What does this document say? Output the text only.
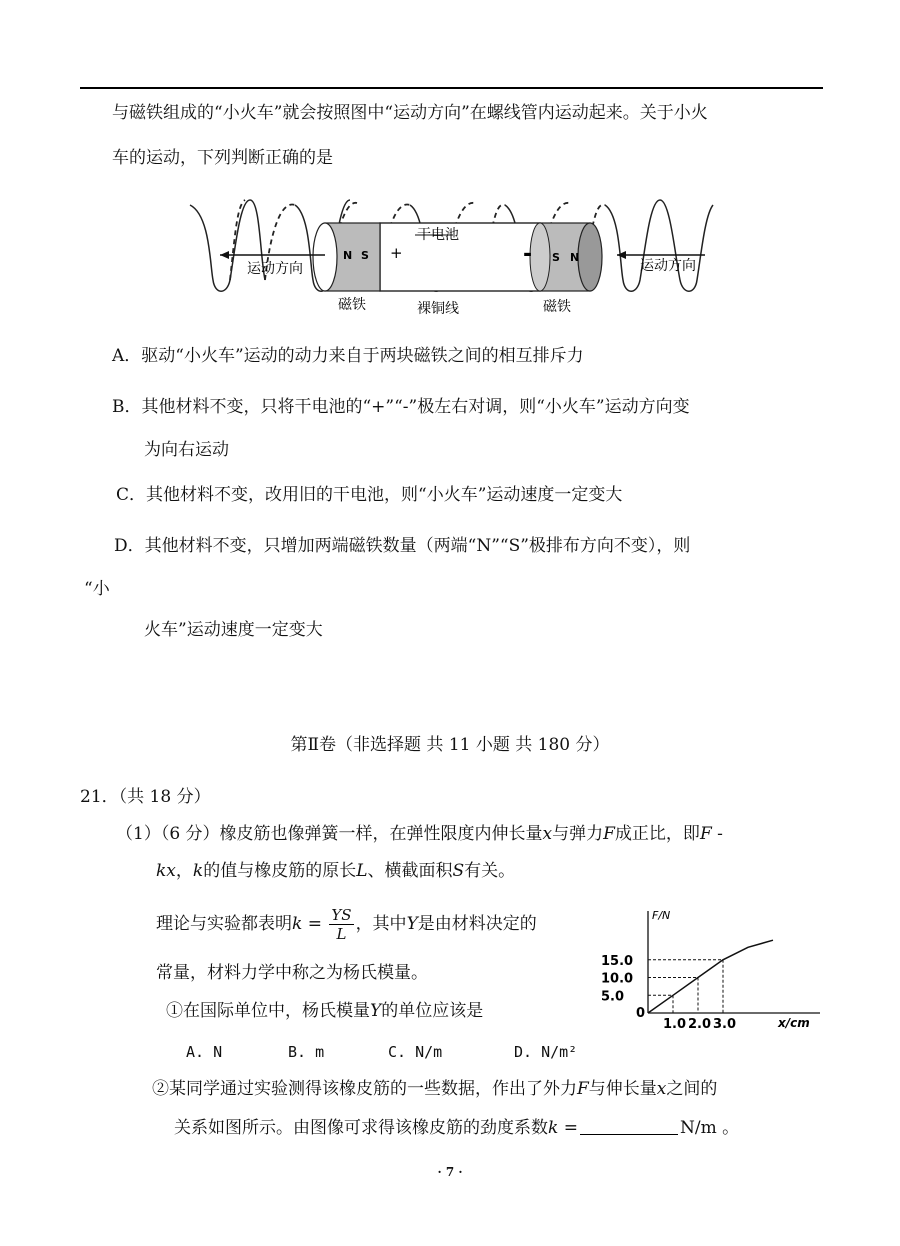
与磁铁组成的“小火车”就会按照图中“运动方向”在螺线管内运动起来。关于小火
车的运动，下列判断正确的是
干电池
运动方向	运动方向
+	-
N S	S N
磁铁	裸铜线	磁铁
A．驱动“小火车”运动的动力来自于两块磁铁之间的相互排斥力
B．其他材料不变，只将干电池的“+”“-”极左右对调，则“小火车”运动方向变
为向右运动
C．其他材料不变，改用旧的干电池，则“小火车”运动速度一定变大
D．其他材料不变，只增加两端磁铁数量（两端“N”“S”极排布方向不变），则
“小
火车”运动速度一定变大
第Ⅱ卷（非选择题 共 11 小题 共 180 分）
21．（共 18 分）
（1）（6 分）橡皮筋也像弹簧一样，在弹性限度内伸长量x与弹力F成正比，即F -
kx，k的值与橡皮筋的原长L、横截面积S有关。
理论与实验都表明$k = \frac{YS}{L}$ ，其中Y是由材料决定的
常量，材料力学中称之为杨氏模量。
①在国际单位中，杨氏模量Y的单位应该是
A. N	B. m	C. N/m	D. N/m²
②某同学通过实验测得该橡皮筋的一些数据，作出了外力F与伸长量x之间的
关系如图所示。由图像可求得该橡皮筋的劲度系数k =	N/m 。
F/N
x/cm
0
15.0
10.0
5.0
1.0 2.0 3.0
· 7 ·
